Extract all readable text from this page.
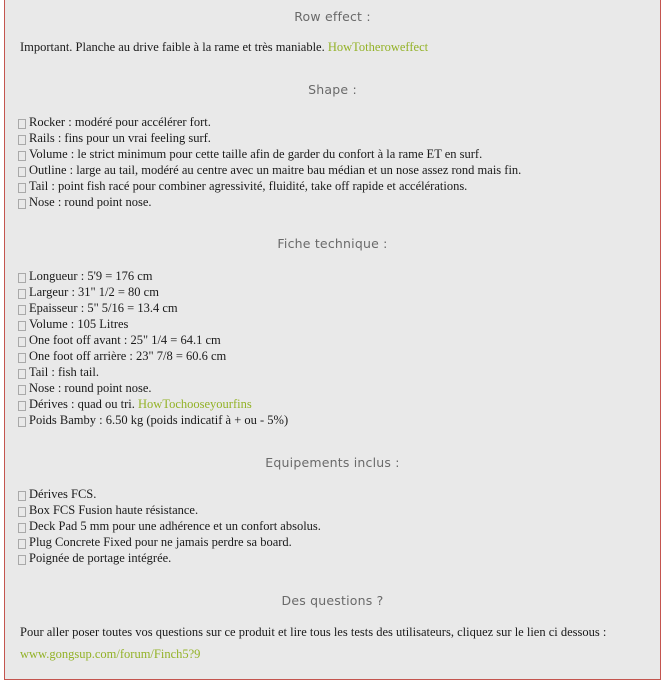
Row effect :
Important. Planche au drive faible à la rame et très maniable. HowTotheroweffect
Shape :
Rocker : modéré pour accélérer fort.
Rails : fins pour un vrai feeling surf.
Volume : le strict minimum pour cette taille afin de garder du confort à la rame ET en surf.
Outline : large au tail, modéré au centre avec un maitre bau médian et un nose assez rond mais fin.
Tail : point fish racé pour combiner agressivité, fluidité, take off rapide et accélérations.
Nose : round point nose.
Fiche technique :
Longueur : 5'9 = 176 cm
Largeur : 31" 1/2 = 80 cm
Epaisseur : 5" 5/16 = 13.4 cm
Volume : 105 Litres
One foot off avant : 25" 1/4 = 64.1 cm
One foot off arrière : 23" 7/8 = 60.6 cm
Tail : fish tail.
Nose : round point nose.
Dérives : quad ou tri.
HowTochooseyourfins
Poids Bamby : 6.50 kg (poids indicatif à + ou - 5%)
Equipements inclus :
Dérives FCS.
Box FCS Fusion haute résistance.
Deck Pad 5 mm pour une adhérence et un confort absolus.
Plug Concrete Fixed pour ne jamais perdre sa board.
Poignée de portage intégrée.
Des questions ?
Pour aller poser toutes vos questions sur ce produit et lire tous les tests des utilisateurs, cliquez sur le lien ci dessous :
www.gongsup.com/forum/Finch5?9
